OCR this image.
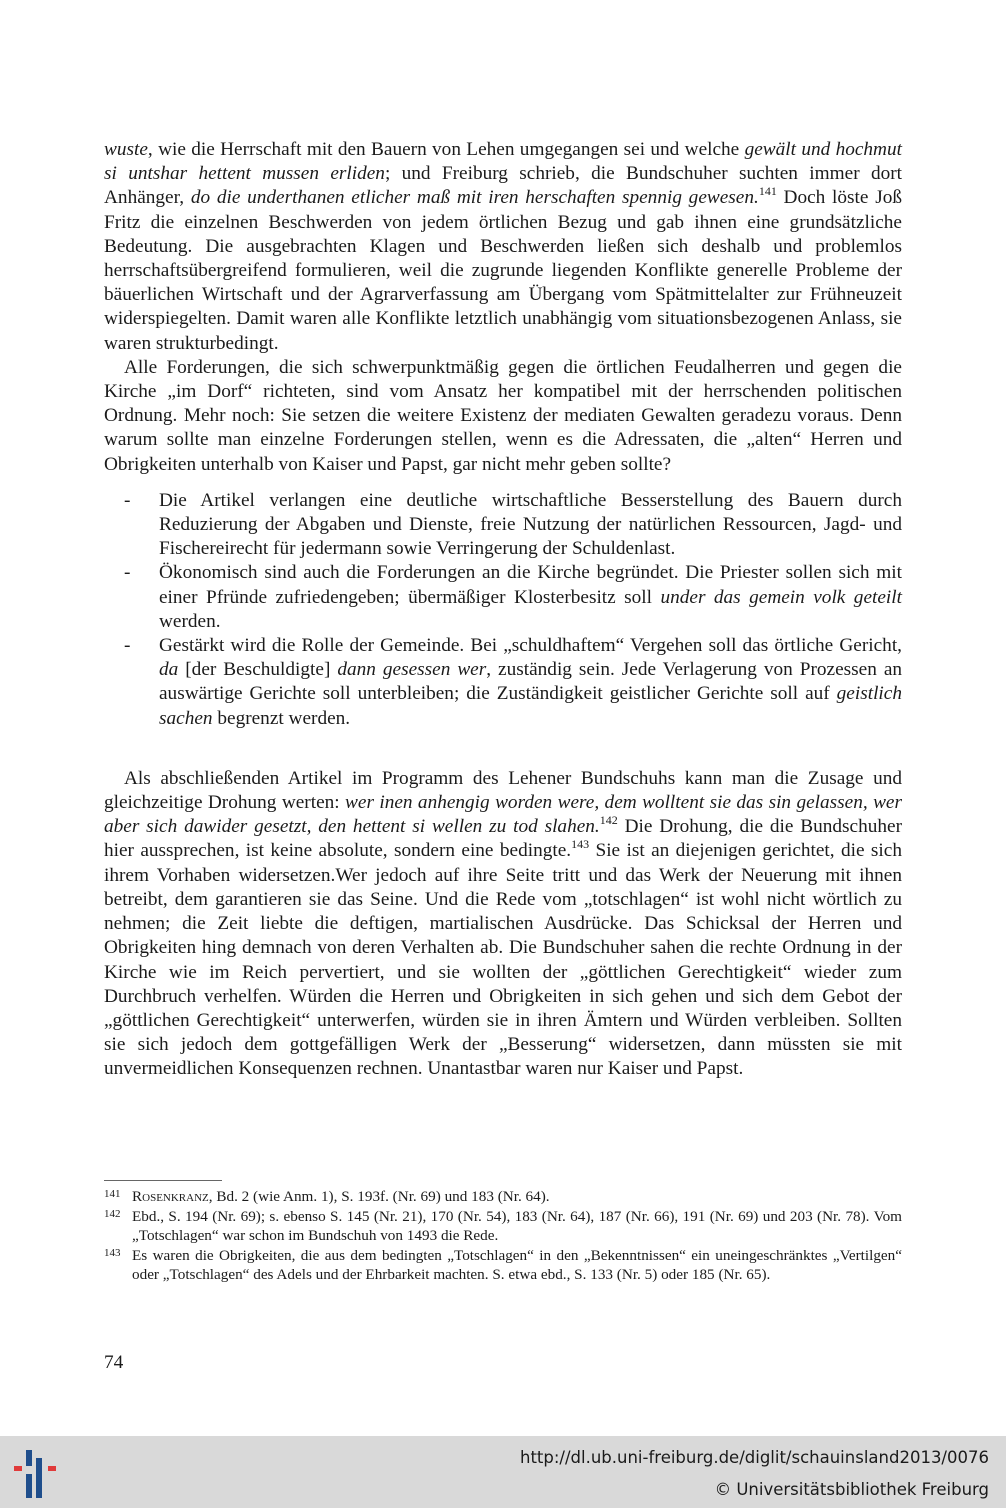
wuste, wie die Herrschaft mit den Bauern von Lehen umgegangen sei und welche gewält und hochmut si untshar hettent mussen erliden; und Freiburg schrieb, die Bundschuher suchten immer dort Anhänger, do die underthanen etlicher maß mit iren herschaften spennig gewesen.$^{141}$ Doch löste Joß Fritz die einzelnen Beschwerden von jedem örtlichen Bezug und gab ihnen eine grundsätzliche Bedeutung. Die ausgebrachten Klagen und Beschwerden ließen sich deshalb und problemlos herrschaftsübergreifend formulieren, weil die zugrunde liegenden Konflikte generelle Probleme der bäuerlichen Wirtschaft und der Agrarverfassung am Übergang vom Spätmittelalter zur Frühneuzeit widerspiegelten. Damit waren alle Konflikte letztlich unabhängig vom situationsbezogenen Anlass, sie waren strukturbedingt.

Alle Forderungen, die sich schwerpunktmäßig gegen die örtlichen Feudalherren und gegen die Kirche „im Dorf“ richteten, sind vom Ansatz her kompatibel mit der herrschenden politischen Ordnung. Mehr noch: Sie setzen die weitere Existenz der mediaten Gewalten geradezu voraus. Denn warum sollte man einzelne Forderungen stellen, wenn es die Adressaten, die „alten“ Herren und Obrigkeiten unterhalb von Kaiser und Papst, gar nicht mehr geben sollte?

- Die Artikel verlangen eine deutliche wirtschaftliche Besserstellung des Bauern durch Reduzierung der Abgaben und Dienste, freie Nutzung der natürlichen Ressourcen, Jagd- und Fischereirecht für jedermann sowie Verringerung der Schuldenlast.
- Ökonomisch sind auch die Forderungen an die Kirche begründet. Die Priester sollen sich mit einer Pfründe zufriedengeben; übermäßiger Klosterbesitz soll under das gemein volk geteilt werden.
- Gestärkt wird die Rolle der Gemeinde. Bei „schuldhaftem“ Vergehen soll das örtliche Gericht, da [der Beschuldigte] dann gesessen wer, zuständig sein. Jede Verlagerung von Prozessen an auswärtige Gerichte soll unterbleiben; die Zuständigkeit geistlicher Gerichte soll auf geistlich sachen begrenzt werden.

Als abschließenden Artikel im Programm des Lehener Bundschuhs kann man die Zusage und gleichzeitige Drohung werten: wer inen anhengig worden were, dem wolltent sie das sin gelassen, wer aber sich dawider gesetzt, den hettent si wellen zu tod slahen.$^{142}$ Die Drohung, die die Bundschuher hier aussprechen, ist keine absolute, sondern eine bedingte.$^{143}$ Sie ist an diejenigen gerichtet, die sich ihrem Vorhaben widersetzen.Wer jedoch auf ihre Seite tritt und das Werk der Neuerung mit ihnen betreibt, dem garantieren sie das Seine. Und die Rede vom „totschlagen“ ist wohl nicht wörtlich zu nehmen; die Zeit liebte die deftigen, martialischen Ausdrücke. Das Schicksal der Herren und Obrigkeiten hing demnach von deren Verhalten ab. Die Bundschuher sahen die rechte Ordnung in der Kirche wie im Reich pervertiert, und sie wollten der „göttlichen Gerechtigkeit“ wieder zum Durchbruch verhelfen. Würden die Herren und Obrigkeiten in sich gehen und sich dem Gebot der „göttlichen Gerechtigkeit“ unterwerfen, würden sie in ihren Ämtern und Würden verbleiben. Sollten sie sich jedoch dem gottgefälligen Werk der „Besserung“ widersetzen, dann müssten sie mit unvermeidlichen Konsequenzen rechnen. Unantastbar waren nur Kaiser und Papst.

141 Rosenkranz, Bd. 2 (wie Anm. 1), S. 193f. (Nr. 69) und 183 (Nr. 64).
142 Ebd., S. 194 (Nr. 69); s. ebenso S. 145 (Nr. 21), 170 (Nr. 54), 183 (Nr. 64), 187 (Nr. 66), 191 (Nr. 69) und 203 (Nr. 78). Vom „Totschlagen“ war schon im Bundschuh von 1493 die Rede.
143 Es waren die Obrigkeiten, die aus dem bedingten „Totschlagen“ in den „Bekenntnissen“ ein uneingeschränktes „Vertilgen“ oder „Totschlagen“ des Adels und der Ehrbarkeit machten. S. etwa ebd., S. 133 (Nr. 5) oder 185 (Nr. 65).
74
http://dl.ub.uni-freiburg.de/diglit/schauinsland2013/0076
© Universitätsbibliothek Freiburg
